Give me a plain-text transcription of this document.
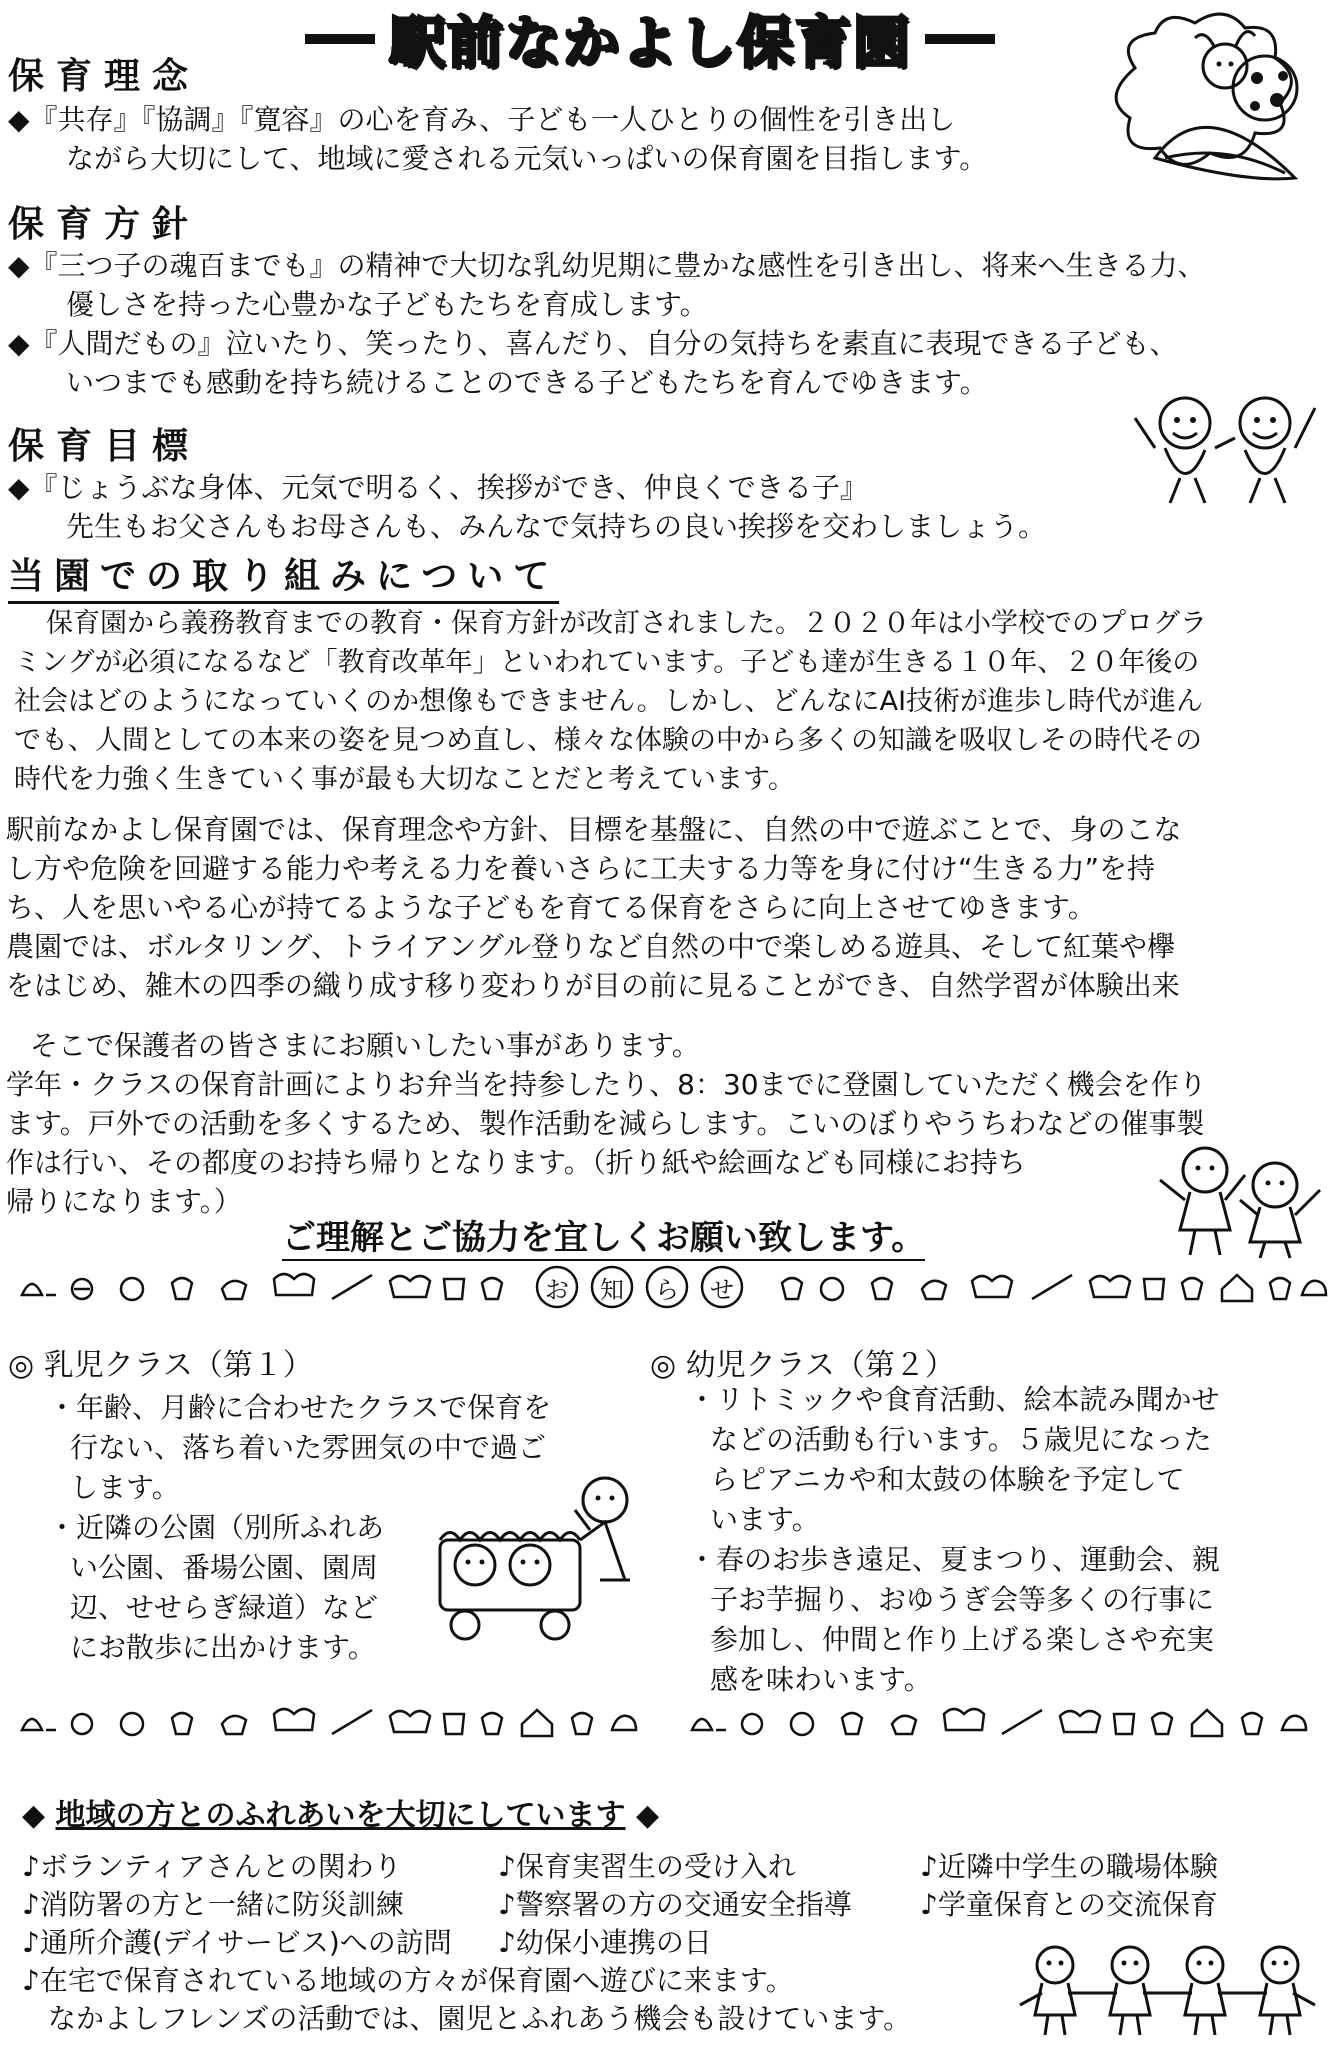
駅前なかよし保育園
保育理念
◆『共存』『協調』『寛容』の心を育み、子ども一人ひとりの個性を引き出し
ながら大切にして、地域に愛される元気いっぱいの保育園を目指します。
保育方針
◆『三つ子の魂百までも』の精神で大切な乳幼児期に豊かな感性を引き出し、将来へ生きる力、
優しさを持った心豊かな子どもたちを育成します。
◆『人間だもの』泣いたり、笑ったり、喜んだり、自分の気持ちを素直に表現できる子ども、
いつまでも感動を持ち続けることのできる子どもたちを育んでゆきます。
保育目標
◆『じょうぶな身体、元気で明るく、挨拶ができ、仲良くできる子』
先生もお父さんもお母さんも、みんなで気持ちの良い挨拶を交わしましょう。
当園での取り組みについて
保育園から義務教育までの教育・保育方針が改訂されました。２０２０年は小学校でのプログラ
ミングが必須になるなど「教育改革年」といわれています。子ども達が生きる１０年、２０年後の
社会はどのようになっていくのか想像もできません。しかし、どんなにAI技術が進歩し時代が進ん
でも、人間としての本来の姿を見つめ直し、様々な体験の中から多くの知識を吸収しその時代その
時代を力強く生きていく事が最も大切なことだと考えています。
駅前なかよし保育園では、保育理念や方針、目標を基盤に、自然の中で遊ぶことで、身のこな
し方や危険を回避する能力や考える力を養いさらに工夫する力等を身に付け“生きる力”を持
ち、人を思いやる心が持てるような子どもを育てる保育をさらに向上させてゆきます。
農園では、ボルタリング、トライアングル登りなど自然の中で楽しめる遊具、そして紅葉や欅
をはじめ、雑木の四季の織り成す移り変わりが目の前に見ることができ、自然学習が体験出来
そこで保護者の皆さまにお願いしたい事があります。
学年・クラスの保育計画によりお弁当を持参したり、8：30までに登園していただく機会を作り
ます。戸外での活動を多くするため、製作活動を減らします。こいのぼりやうちわなどの催事製
作は行い、その都度のお持ち帰りとなります。（折り紙や絵画なども同様にお持ち
帰りになります。）
ご理解とご協力を宜しくお願い致します。
お	知	ら	せ
◎ 乳児クラス（第１）
・年齢、月齢に合わせたクラスで保育を
行ない、落ち着いた雰囲気の中で過ご
します。
・近隣の公園（別所ふれあ
い公園、番場公園、園周
辺、せせらぎ緑道）など
にお散歩に出かけます。
◎ 幼児クラス（第２）
・リトミックや食育活動、絵本読み聞かせ
などの活動も行います。５歳児になった
らピアニカや和太鼓の体験を予定して
います。
・春のお歩き遠足、夏まつり、運動会、親
子お芋掘り、おゆうぎ会等多くの行事に
参加し、仲間と作り上げる楽しさや充実
感を味わいます。
◆ 地域の方とのふれあいを大切にしています ◆
♪ボランティアさんとの関わり
♪消防署の方と一緒に防災訓練
♪通所介護(デイサービス)への訪問
♪保育実習生の受け入れ
♪警察署の方の交通安全指導
♪幼保小連携の日
♪近隣中学生の職場体験
♪学童保育との交流保育
♪在宅で保育されている地域の方々が保育園へ遊びに来ます。
なかよしフレンズの活動では、園児とふれあう機会も設けています。
